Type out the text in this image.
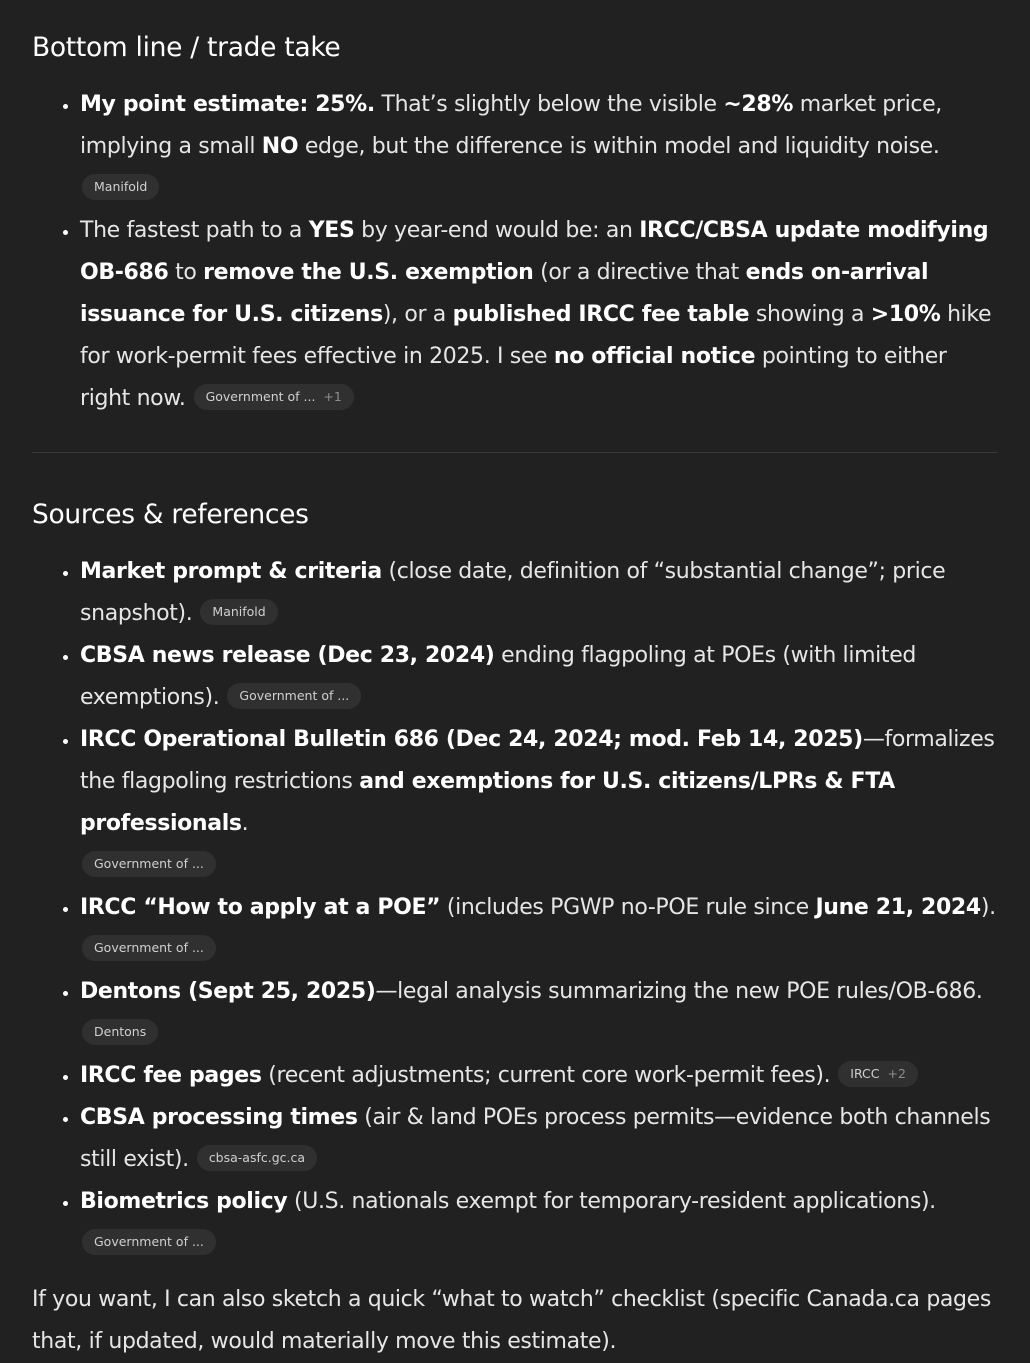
Bottom line / trade take
• My point estimate: 25%. That’s slightly below the visible ~28% market price, implying a small NO edge, but the difference is within model and liquidity noise.
Manifold
• The fastest path to a YES by year-end would be: an IRCC/CBSA update modifying OB-686 to remove the U.S. exemption (or a directive that ends on-arrival issuance for U.S. citizens), or a published IRCC fee table showing a >10% hike for work-permit fees effective in 2025. I see no official notice pointing to either right now. Government of ... +1
Sources & references
• Market prompt & criteria (close date, definition of “substantial change”; price snapshot). Manifold
• CBSA news release (Dec 23, 2024) ending flagpoling at POEs (with limited exemptions). Government of ...
• IRCC Operational Bulletin 686 (Dec 24, 2024; mod. Feb 14, 2025)—formalizes the flagpoling restrictions and exemptions for U.S. citizens/LPRs & FTA professionals.
Government of ...
• IRCC “How to apply at a POE” (includes PGWP no-POE rule since June 21, 2024).
Government of ...
• Dentons (Sept 25, 2025)—legal analysis summarizing the new POE rules/OB-686.
Dentons
• IRCC fee pages (recent adjustments; current core work-permit fees). IRCC +2
• CBSA processing times (air & land POEs process permits—evidence both channels still exist). cbsa-asfc.gc.ca
• Biometrics policy (U.S. nationals exempt for temporary-resident applications).
Government of ...

If you want, I can also sketch a quick “what to watch” checklist (specific Canada.ca pages that, if updated, would materially move this estimate).
